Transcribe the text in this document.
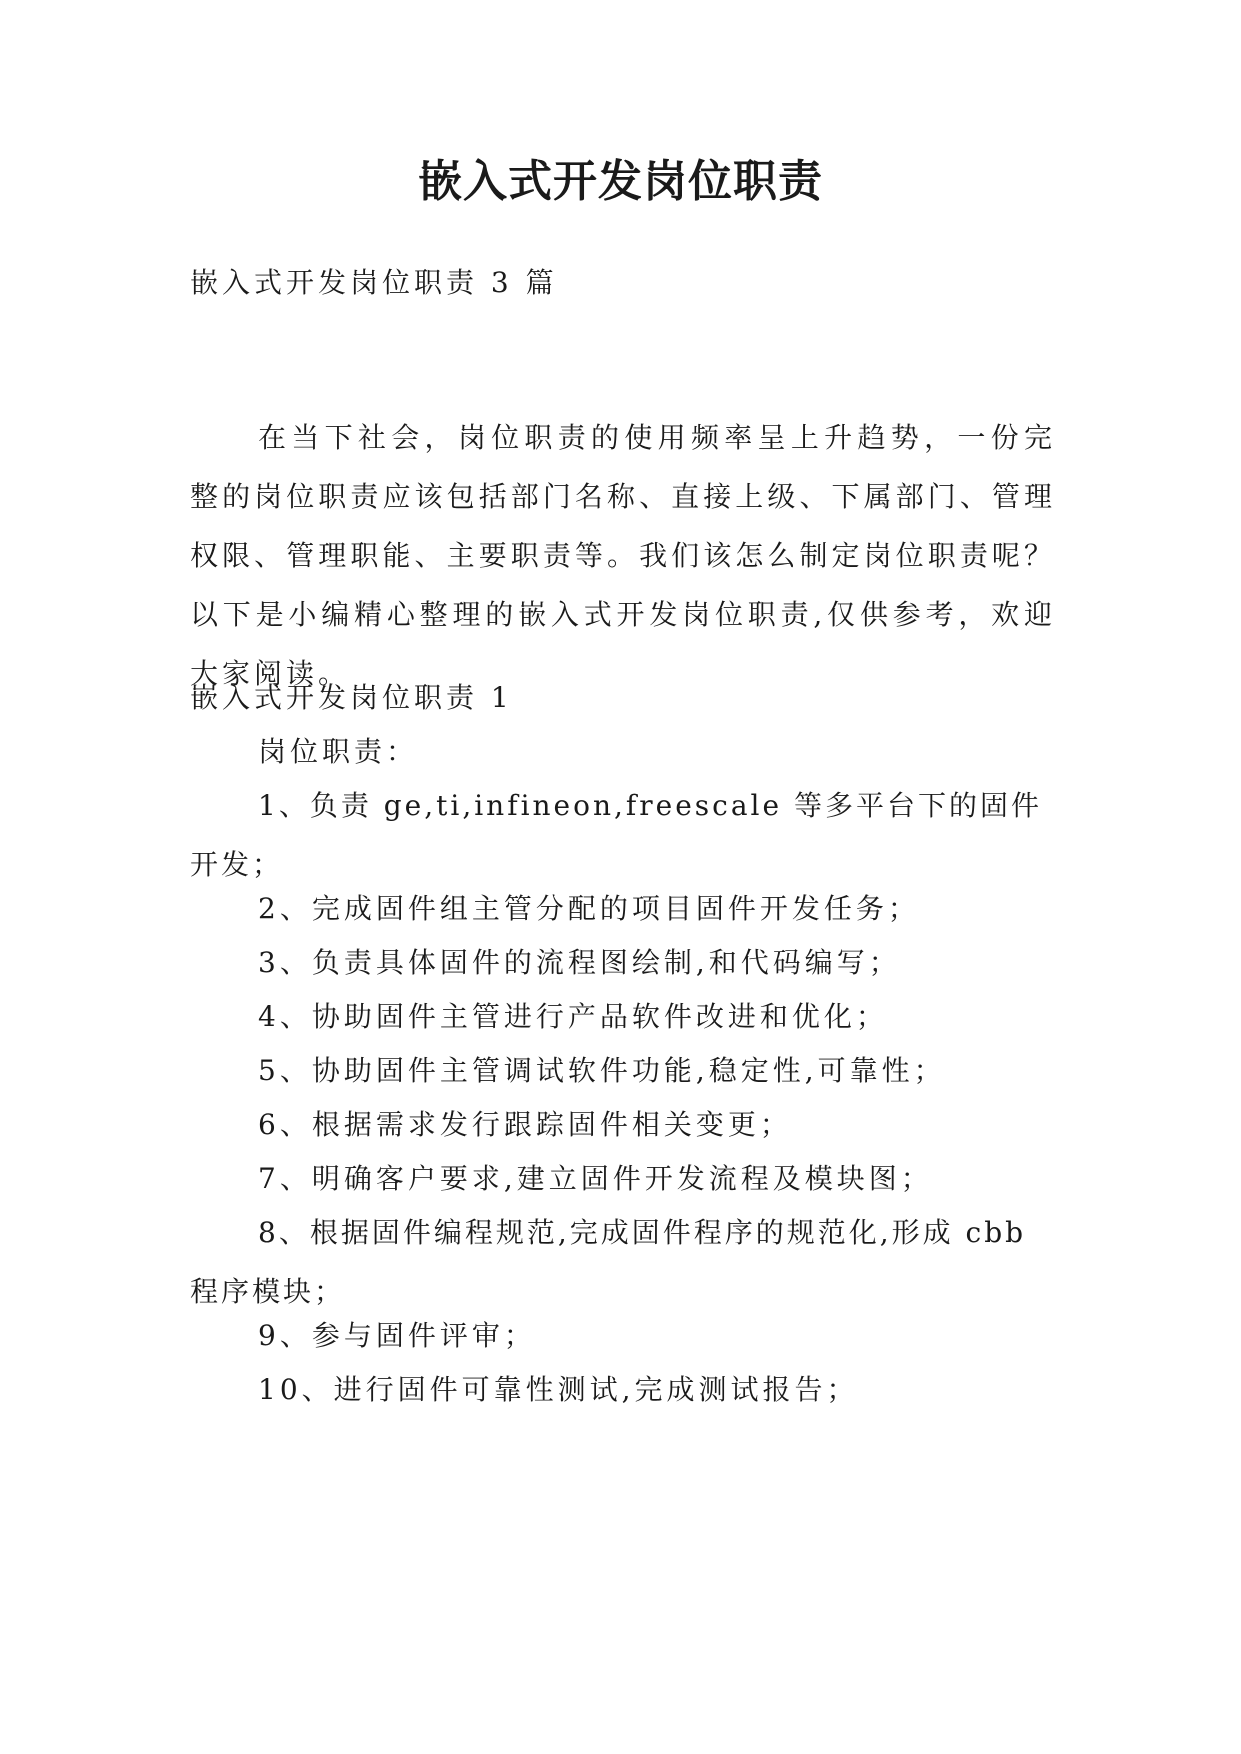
嵌入式开发岗位职责
嵌入式开发岗位职责 3 篇

在当下社会，岗位职责的使用频率呈上升趋势，一份完整的岗位职责应该包括部门名称、直接上级、下属部门、管理权限、管理职能、主要职责等。我们该怎么制定岗位职责呢？以下是小编精心整理的嵌入式开发岗位职责,仅供参考，欢迎大家阅读。

嵌入式开发岗位职责 1
岗位职责：

1、负责 ge,ti,infineon,freescale 等多平台下的固件开发；

2、完成固件组主管分配的项目固件开发任务；
3、负责具体固件的流程图绘制,和代码编写；
4、协助固件主管进行产品软件改进和优化；
5、协助固件主管调试软件功能,稳定性,可靠性；
6、根据需求发行跟踪固件相关变更；
7、明确客户要求,建立固件开发流程及模块图；

8、根据固件编程规范,完成固件程序的规范化,形成 cbb 程序模块；

9、参与固件评审；
10、进行固件可靠性测试,完成测试报告；
